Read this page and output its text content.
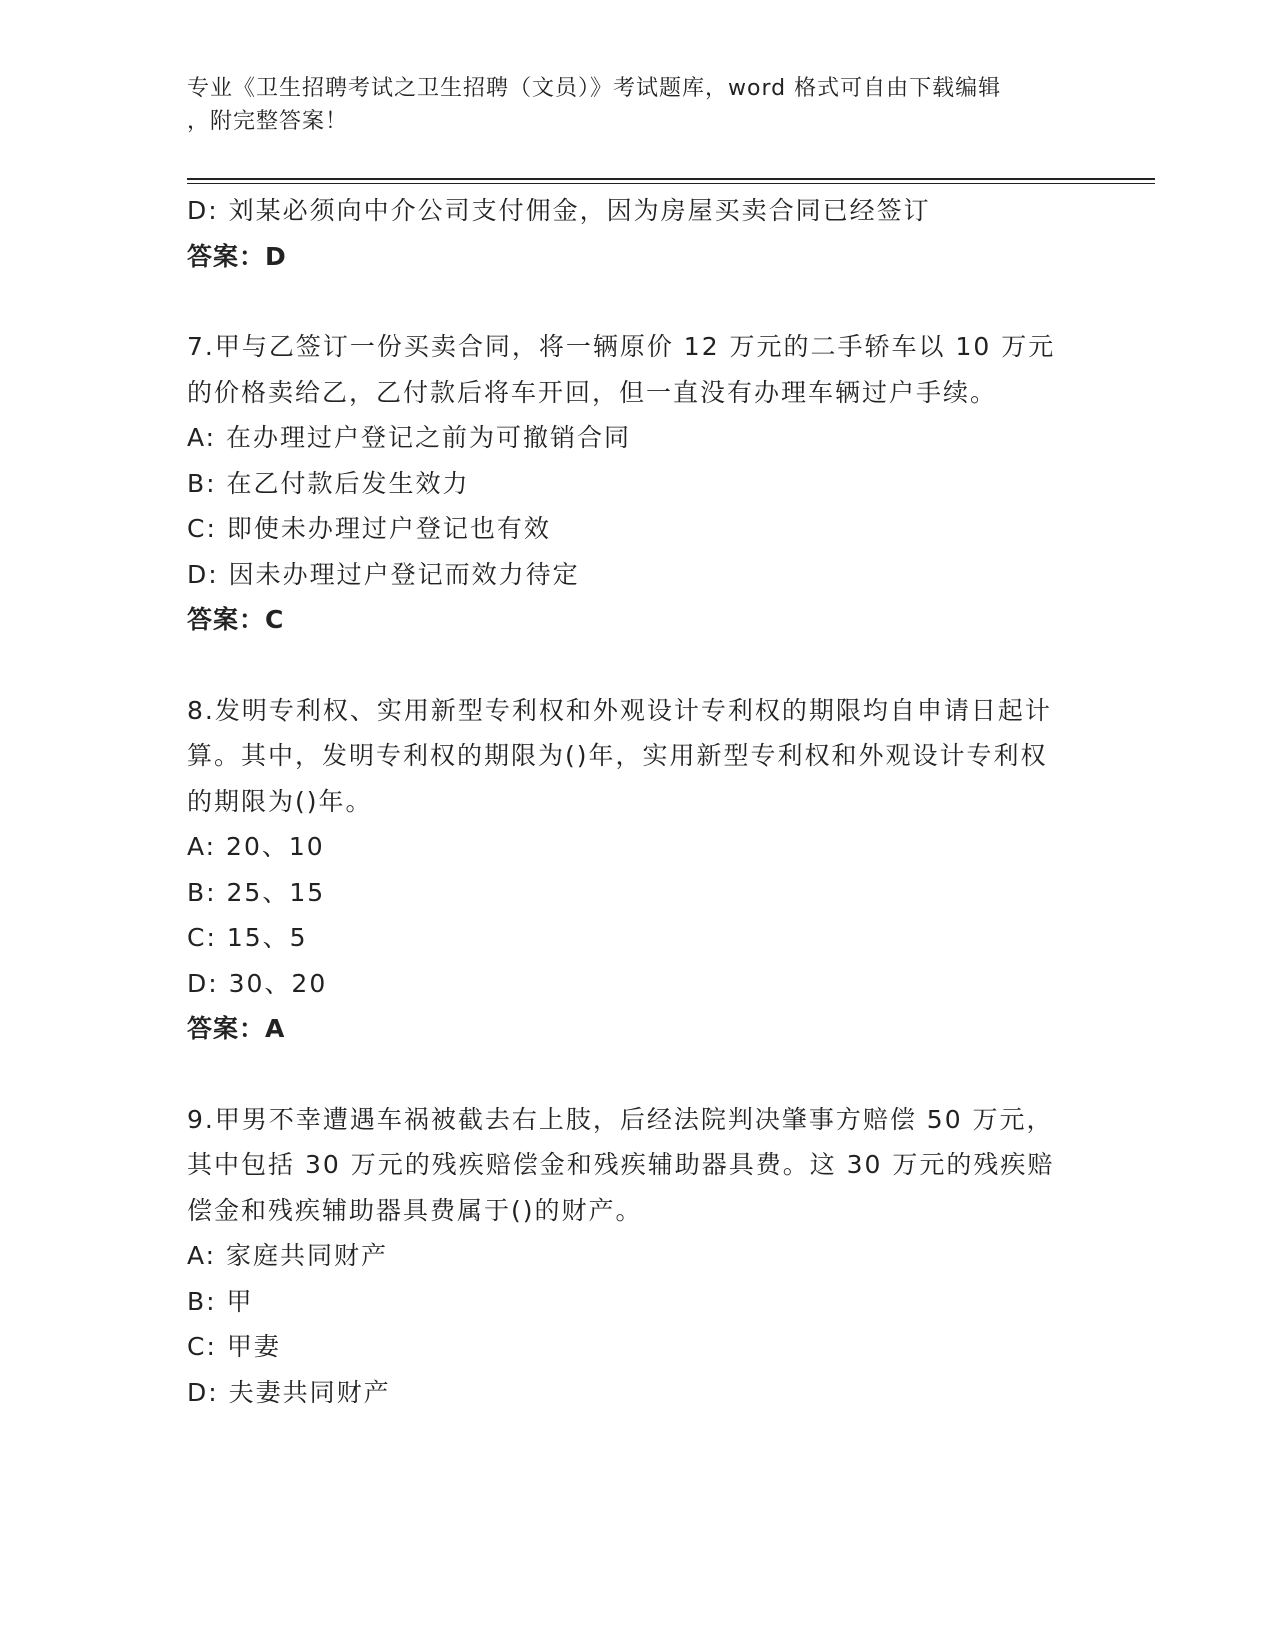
专业《卫生招聘考试之卫生招聘（文员）》考试题库，word 格式可自由下载编辑
，附完整答案！

D: 刘某必须向中介公司支付佣金，因为房屋买卖合同已经签订

答案：D

7.甲与乙签订一份买卖合同，将一辆原价 12 万元的二手轿车以 10 万元的价格卖给乙，乙付款后将车开回，但一直没有办理车辆过户手续。

A: 在办理过户登记之前为可撤销合同

B: 在乙付款后发生效力

C: 即使未办理过户登记也有效

D: 因未办理过户登记而效力待定

答案：C

8.发明专利权、实用新型专利权和外观设计专利权的期限均自申请日起计算。其中，发明专利权的期限为()年，实用新型专利权和外观设计专利权的期限为()年。

A: 20、10

B: 25、15

C: 15、5

D: 30、20

答案：A

9.甲男不幸遭遇车祸被截去右上肢，后经法院判决肇事方赔偿 50 万元，其中包括 30 万元的残疾赔偿金和残疾辅助器具费。这 30 万元的残疾赔偿金和残疾辅助器具费属于()的财产。

A: 家庭共同财产

B: 甲

C: 甲妻

D: 夫妻共同财产
